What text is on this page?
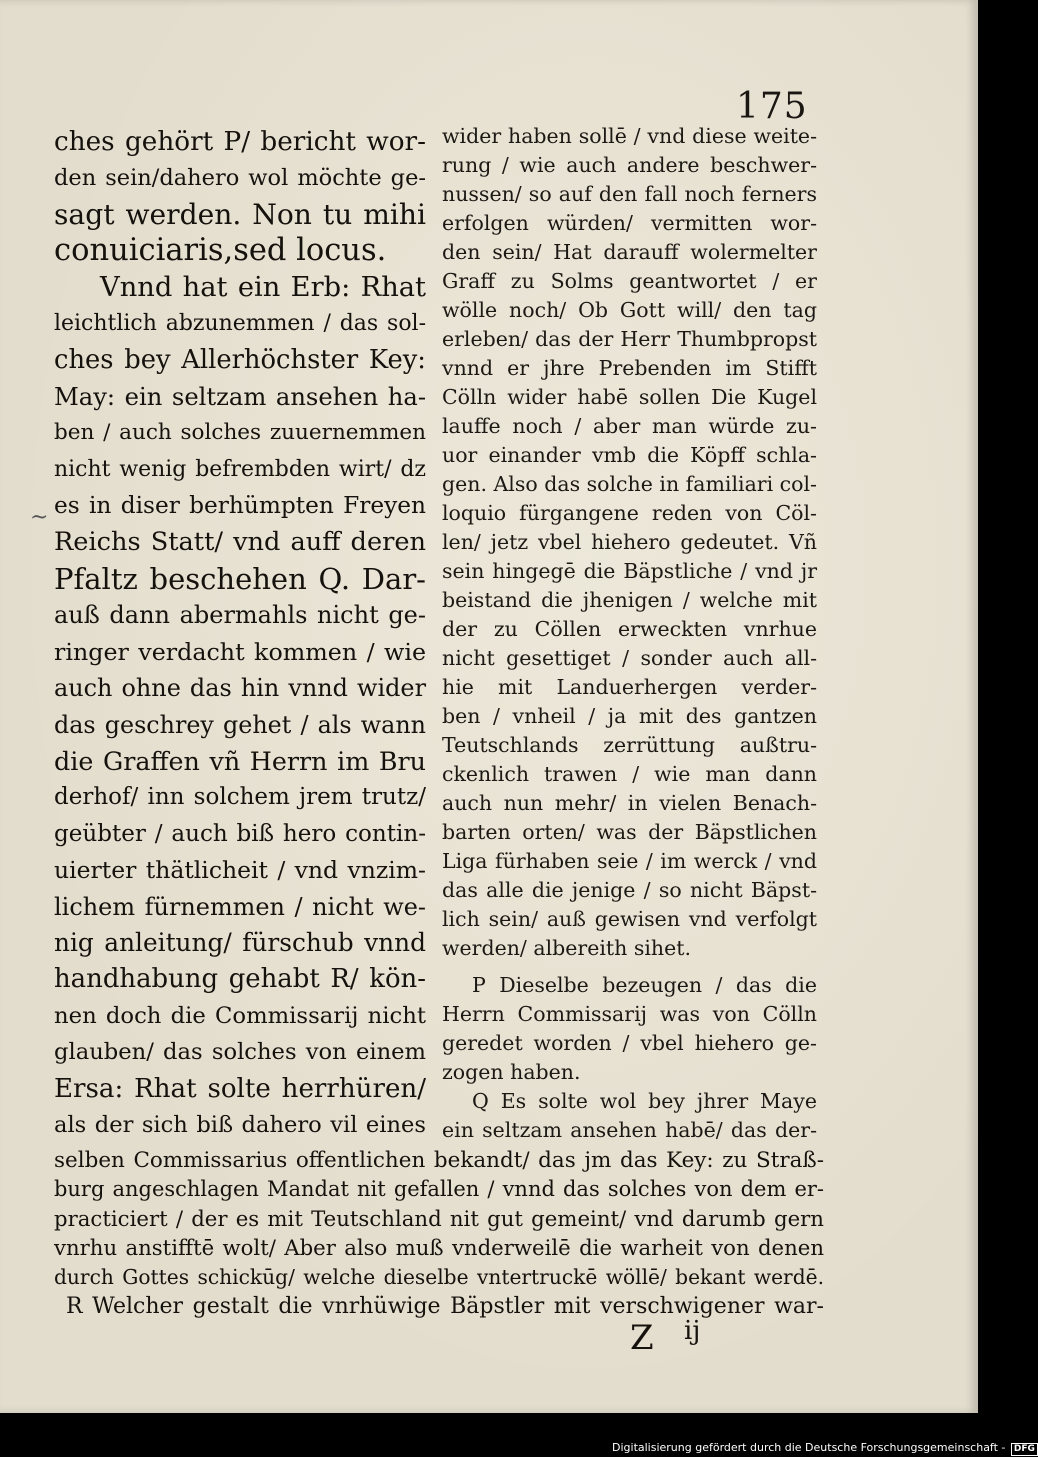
175
~
ches gehört P/ bericht wor-
den sein/dahero wol möchte ge-
sagt werden. Non tu mihi
conuiciaris,sed locus.
Vnnd hat ein Erb: Rhat
leichtlich abzunemmen / das sol-
ches bey Allerhöchster Key:
May: ein seltzam ansehen ha-
ben / auch solches zuuernemmen
nicht wenig befrembden wirt/ dz
es in diser berhümpten Freyen
Reichs Statt/ vnd auff deren
Pfaltz beschehen Q. Dar-
auß dann abermahls nicht ge-
ringer verdacht kommen / wie
auch ohne das hin vnnd wider
das geschrey gehet / als wann
die Graffen vñ Herrn im Bru
derhof/ inn solchem jrem trutz/
geübter / auch biß hero contin-
uierter thätlicheit / vnd vnzim-
lichem fürnemmen / nicht we-
nig anleitung/ fürschub vnnd
handhabung gehabt R/ kön-
nen doch die Commissarij nicht
glauben/ das solches von einem
Ersa: Rhat solte herrhüren/
als der sich biß dahero vil eines
wider haben sollē / vnd diese weite-
rung / wie auch andere beschwer-
nussen/ so auf den fall noch ferners
erfolgen würden/ vermitten wor-
den sein/ Hat darauff wolermelter
Graff zu Solms geantwortet / er
wölle noch/ Ob Gott will/ den tag
erleben/ das der Herr Thumbpropst
vnnd er jhre Prebenden im Stifft
Cölln wider habē sollen Die Kugel
lauffe noch / aber man würde zu-
uor einander vmb die Köpff schla-
gen. Also das solche in familiari col-
loquio fürgangene reden von Cöl-
len/ jetz vbel hiehero gedeutet. Vñ
sein hingegē die Bäpstliche / vnd jr
beistand die jhenigen / welche mit
der zu Cöllen erweckten vnrhue
nicht gesettiget / sonder auch all-
hie mit Landuerhergen verder-
ben / vnheil / ja mit des gantzen
Teutschlands zerrüttung außtru-
ckenlich trawen / wie man dann
auch nun mehr/ in vielen Benach-
barten orten/ was der Bäpstlichen
Liga fürhaben seie / im werck / vnd
das alle die jenige / so nicht Bäpst-
lich sein/ auß gewisen vnd verfolgt
werden/ albereith sihet.
P Dieselbe bezeugen / das die
Herrn Commissarij was von Cölln
geredet worden / vbel hiehero ge-
zogen haben.
Q Es solte wol bey jhrer Maye
ein seltzam ansehen habē/ das der-
selben Commissarius offentlichen bekandt/ das jm das Key: zu Straß-
burg angeschlagen Mandat nit gefallen / vnnd das solches von dem er-
practiciert / der es mit Teutschland nit gut gemeint/ vnd darumb gern
vnrhu anstifftē wolt/ Aber also muß vnderweilē die warheit von denen
durch Gottes schickūg/ welche dieselbe vntertruckē wöllē/ bekant werdē.
R Welcher gestalt die vnrhüwige Bäpstler mit verschwigener war-
Z ij
Digitalisierung gefördert durch die Deutsche Forschungsgemeinschaft - DFG
